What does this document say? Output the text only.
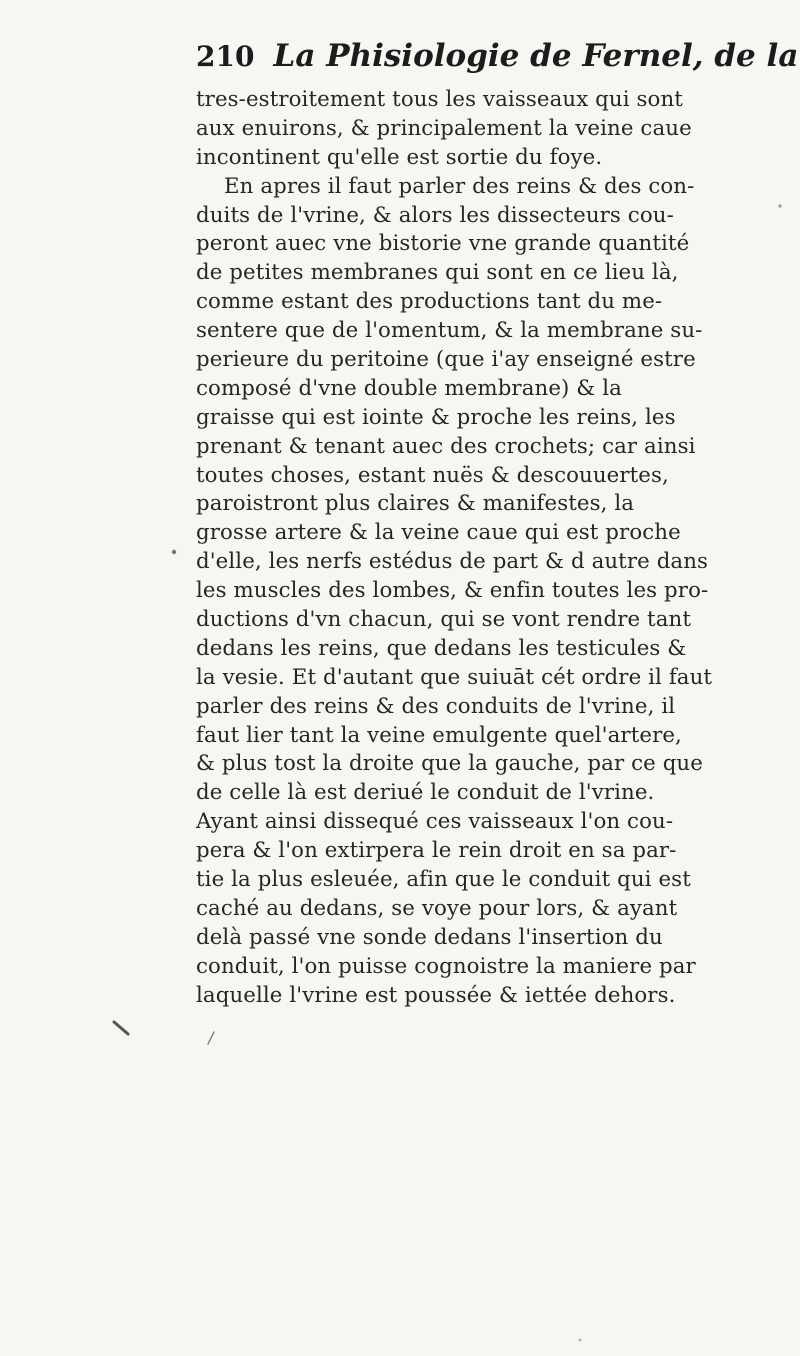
210 La Phisiologie de Fernel, de la
tres-estroitement tous les vaisseaux qui sont
aux enuirons, & principalement la veine caue
incontinent qu'elle est sortie du foye.
En apres il faut parler des reins & des con-
duits de l'vrine, & alors les dissecteurs cou-
peront auec vne bistorie vne grande quantité
de petites membranes qui sont en ce lieu là,
comme estant des productions tant du me-
sentere que de l'omentum, & la membrane su-
perieure du peritoine (que i'ay enseigné estre
composé d'vne double membrane) & la
graisse qui est iointe & proche les reins, les
prenant & tenant auec des crochets; car ainsi
toutes choses, estant nuës & descouuertes,
paroistront plus claires & manifestes, la
grosse artere & la veine caue qui est proche
d'elle, les nerfs estédus de part & d autre dans
les muscles des lombes, & enfin toutes les pro-
ductions d'vn chacun, qui se vont rendre tant
dedans les reins, que dedans les testicules &
la vesie. Et d'autant que suiuāt cét ordre il faut
parler des reins & des conduits de l'vrine, il
faut lier tant la veine emulgente quel'artere,
& plus tost la droite que la gauche, par ce que
de celle là est deriué le conduit de l'vrine.
Ayant ainsi dissequé ces vaisseaux l'on cou-
pera & l'on extirpera le rein droit en sa par-
tie la plus esleuée, afin que le conduit qui est
caché au dedans, se voye pour lors, & ayant
delà passé vne sonde dedans l'insertion du
conduit, l'on puisse cognoistre la maniere par
laquelle l'vrine est poussée & iettée dehors.
